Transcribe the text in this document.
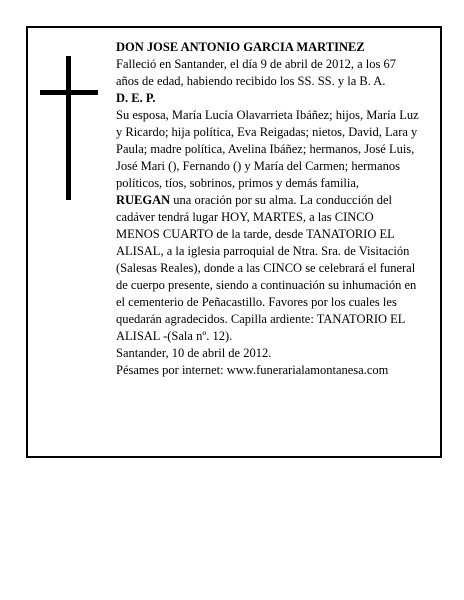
DON JOSE ANTONIO GARCIA MARTINEZ

Falleció en Santander, el día 9 de abril de 2012, a los 67 años de edad, habiendo recibido los SS. SS. y la B. A.

D. E. P.

Su esposa, María Lucía Olavarrieta Ibáñez; hijos, María Luz y Ricardo; hija política, Eva Reigadas; nietos, David, Lara y Paula; madre política, Avelina Ibáñez; hermanos, José Luis, José Mari (), Fernando () y María del Carmen; hermanos políticos, tíos, sobrinos, primos y demás familia,

RUEGAN una oración por su alma. La conducción del cadáver tendrá lugar HOY, MARTES, a las CINCO MENOS CUARTO de la tarde, desde TANATORIO EL ALISAL, a la iglesia parroquial de Ntra. Sra. de Visitación (Salesas Reales), donde a las CINCO se celebrará el funeral de cuerpo presente, siendo a continuación su inhumación en el cementerio de Peñacastillo. Favores por los cuales les quedarán agradecidos. Capilla ardiente: TANATORIO EL ALISAL -(Sala nº. 12).

Santander, 10 de abril de 2012.

Pésames por internet: www.funerarialamontanesa.com
